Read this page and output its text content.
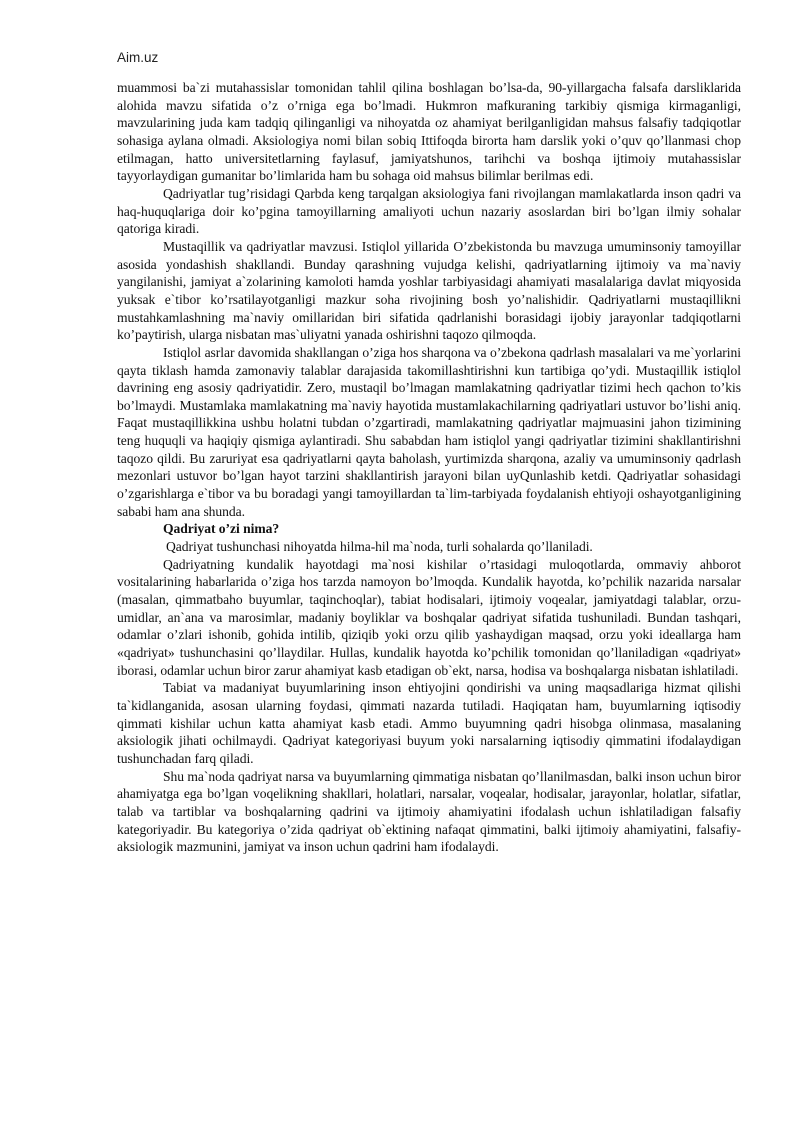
Aim.uz

muammosi ba`zi mutahassislar tomonidan tahlil qilina boshlagan bo’lsa-da, 90-yillargacha falsafa darsliklarida alohida mavzu sifatida o’z o’rniga ega bo’lmadi. Hukmron mafkuraning tarkibiy qismiga kirmaganligi, mavzularining juda kam tadqiq qilinganligi va nihoyatda oz ahamiyat berilganligidan mahsus falsafiy tadqiqotlar sohasiga aylana olmadi. Aksiologiya nomi bilan sobiq Ittifoqda birorta ham darslik yoki o’quv qo’llanmasi chop etilmagan, hatto universitetlarning faylasuf, jamiyatshunos, tarihchi va boshqa ijtimoiy mutahassislar tayyorlaydigan gumanitar bo’limlarida ham bu sohaga oid mahsus bilimlar berilmas edi.

Qadriyatlar tug’risidagi Qarbda keng tarqalgan aksiologiya fani rivojlangan mamlakatlarda inson qadri va haq-huquqlariga doir ko’pgina tamoyillarning amaliyoti uchun nazariy asoslardan biri bo’lgan ilmiy sohalar qatoriga kiradi.

Mustaqillik va qadriyatlar mavzusi. Istiqlol yillarida O’zbekistonda bu mavzuga umuminsoniy tamoyillar asosida yondashish shakllandi. Bunday qarashning vujudga kelishi, qadriyatlarning ijtimoiy va ma`naviy yangilanishi, jamiyat a`zolarining kamoloti hamda yoshlar tarbiyasidagi ahamiyati masalalariga davlat miqyosida yuksak e`tibor ko’rsatilayotganligi mazkur soha rivojining bosh yo’nalishidir. Qadriyatlarni mustaqillikni mustahkamlashning ma`naviy omillaridan biri sifatida qadrlanishi borasidagi ijobiy jarayonlar tadqiqotlarni ko’paytirish, ularga nisbatan mas`uliyatni yanada oshirishni taqozo qilmoqda.

Istiqlol asrlar davomida shakllangan o’ziga hos sharqona va o’zbekona qadrlash masalalari va me`yorlarini qayta tiklash hamda zamonaviy talablar darajasida takomillashtirishni kun tartibiga qo’ydi. Mustaqillik istiqlol davrining eng asosiy qadriyatidir. Zero, mustaqil bo’lmagan mamlakatning qadriyatlar tizimi hech qachon to’kis bo’lmaydi. Mustamlaka mamlakatning ma`naviy hayotida mustamlakachilarning qadriyatlari ustuvor bo’lishi aniq. Faqat mustaqillikkina ushbu holatni tubdan o’zgartiradi, mamlakatning qadriyatlar majmuasini jahon tizimining teng huquqli va haqiqiy qismiga aylantiradi. Shu sababdan ham istiqlol yangi qadriyatlar tizimini shakllantirishni taqozo qildi. Bu zaruriyat esa qadriyatlarni qayta baholash, yurtimizda sharqona, azaliy va umuminsoniy qadrlash mezonlari ustuvor bo’lgan hayot tarzini shakllantirish jarayoni bilan uyQunlashib ketdi. Qadriyatlar sohasidagi o’zgarishlarga e`tibor va bu boradagi yangi tamoyillardan ta`lim-tarbiyada foydalanish ehtiyoji oshayotganligining sababi ham ana shunda.

Qadriyat o’zi nima?

Qadriyat tushunchasi nihoyatda hilma-hil ma`noda, turli sohalarda qo’llaniladi.

Qadriyatning kundalik hayotdagi ma`nosi kishilar o’rtasidagi muloqotlarda, ommaviy ahborot vositalarining habarlarida o’ziga hos tarzda namoyon bo’lmoqda. Kundalik hayotda, ko’pchilik nazarida narsalar (masalan, qimmatbaho buyumlar, taqinchoqlar), tabiat hodisalari, ijtimoiy voqealar, jamiyatdagi talablar, orzu-umidlar, an`ana va marosimlar, madaniy boyliklar va boshqalar qadriyat sifatida tushuniladi. Bundan tashqari, odamlar o’zlari ishonib, gohida intilib, qiziqib yoki orzu qilib yashaydigan maqsad, orzu yoki ideallarga ham «qadriyat» tushunchasini qo’llaydilar. Hullas, kundalik hayotda ko’pchilik tomonidan qo’llaniladigan «qadriyat» iborasi, odamlar uchun biror zarur ahamiyat kasb etadigan ob`ekt, narsa, hodisa va boshqalarga nisbatan ishlatiladi.

Tabiat va madaniyat buyumlarining inson ehtiyojini qondirishi va uning maqsadlariga hizmat qilishi ta`kidlanganida, asosan ularning foydasi, qimmati nazarda tutiladi. Haqiqatan ham, buyumlarning iqtisodiy qimmati kishilar uchun katta ahamiyat kasb etadi. Ammo buyumning qadri hisobga olinmasa, masalaning aksiologik jihati ochilmaydi. Qadriyat kategoriyasi buyum yoki narsalarning iqtisodiy qimmatini ifodalaydigan tushunchadan farq qiladi.

Shu ma`noda qadriyat narsa va buyumlarning qimmatiga nisbatan qo’llanilmasdan, balki inson uchun biror ahamiyatga ega bo’lgan voqelikning shakllari, holatlari, narsalar, voqealar, hodisalar, jarayonlar, holatlar, sifatlar, talab va tartiblar va boshqalarning qadrini va ijtimoiy ahamiyatini ifodalash uchun ishlatiladigan falsafiy kategoriyadir. Bu kategoriya o’zida qadriyat ob`ektining nafaqat qimmatini, balki ijtimoiy ahamiyatini, falsafiy-aksiologik mazmunini, jamiyat va inson uchun qadrini ham ifodalaydi.
